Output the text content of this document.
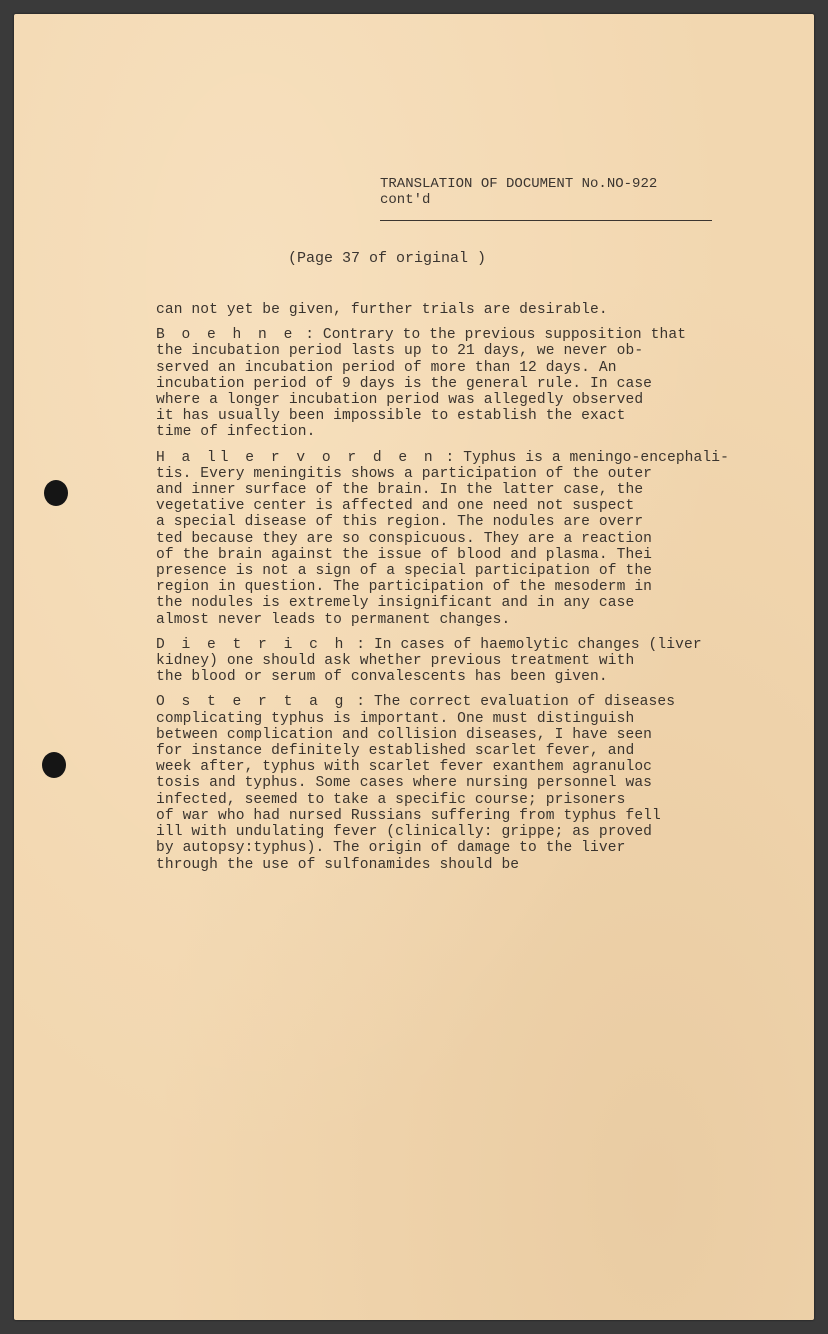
TRANSLATION OF DOCUMENT No.NO-922
cont'd
(Page 37 of original )

can not yet be given, further trials are desirable.

B o e h n e : Contrary to the previous supposition that
the incubation period lasts up to 21 days, we never ob-
served an incubation period of more than 12 days. An
incubation period of 9 days is the general rule. In case
where a longer incubation period was allegedly observed
it has usually been impossible to establish the exact
time of infection.

H a ll e r v o r d e n : Typhus is a meningo-encephali-
tis. Every meningitis shows a participation of the outer
and inner surface of the brain. In the latter case, the
vegetative center is affected and one need not suspect
a special disease of this region. The nodules are overr
ted because they are so conspicuous. They are a reaction
of the brain against the issue of blood and plasma. Thei
presence is not a sign of a special participation of the
region in question. The participation of the mesoderm in
the nodules is extremely insignificant and in any case
almost never leads to permanent changes.

D i e t r i c h : In cases of haemolytic changes (liver
kidney) one should ask whether previous treatment with
the blood or serum of convalescents has been given.

O s t e r t a g : The correct evaluation of diseases
complicating typhus is important. One must distinguish
between complication and collision diseases, I have seen
for instance definitely established scarlet fever, and
week after, typhus with scarlet fever exanthem agranuloc
tosis and typhus. Some cases where nursing personnel was
infected, seemed to take a specific course; prisoners
of war who had nursed Russians suffering from typhus fell
ill with undulating fever (clinically: grippe; as proved
by autopsy:typhus). The origin of damage to the liver
through the use of sulfonamides should be
